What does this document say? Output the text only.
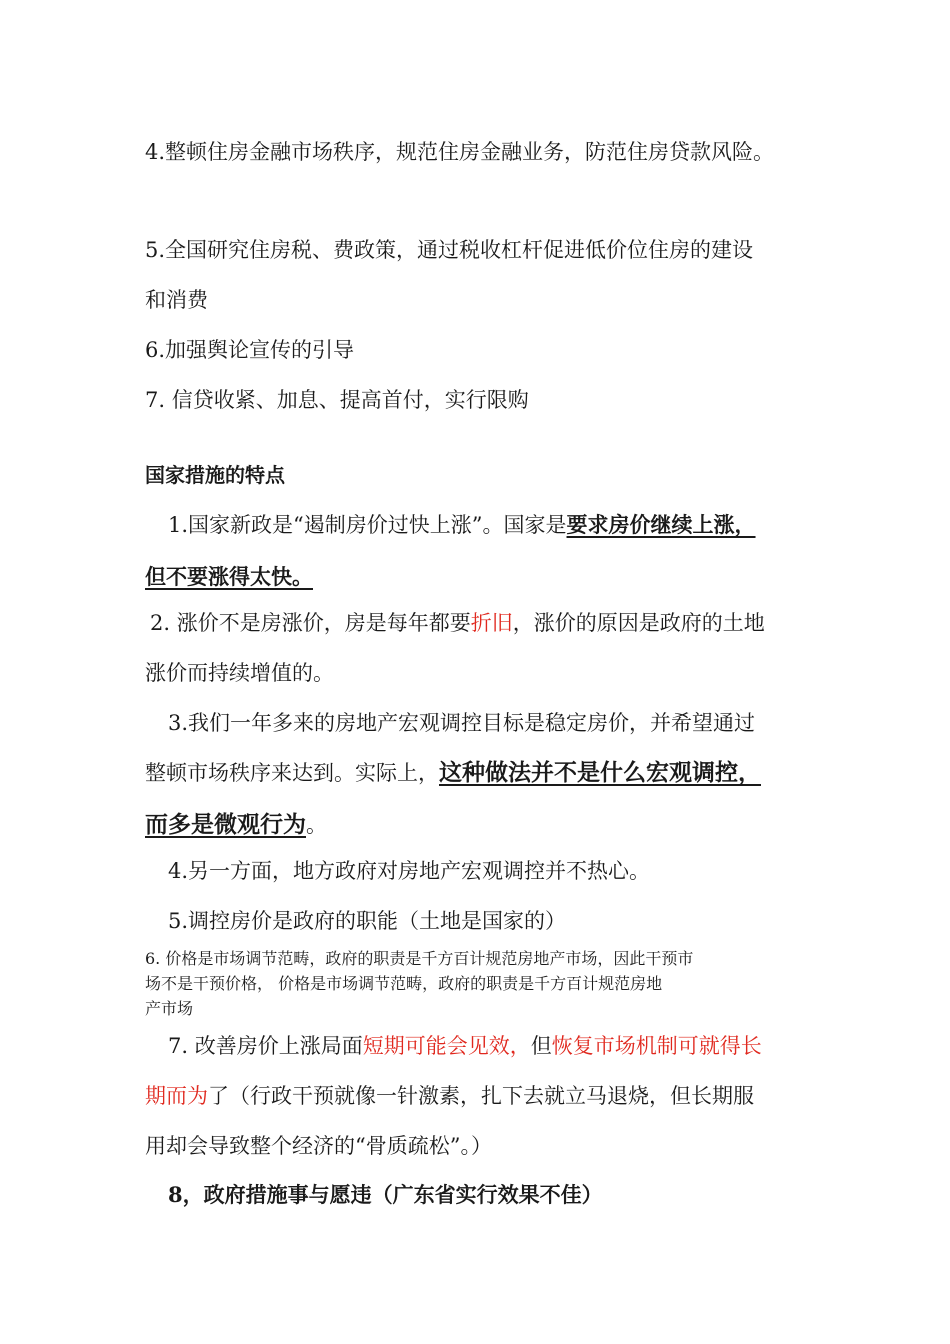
4.整顿住房金融市场秩序，规范住房金融业务，防范住房贷款风险。
5.全国研究住房税、费政策，通过税收杠杆促进低价位住房的建设
和消费
6.加强舆论宣传的引导
7. 信贷收紧、加息、提高首付，实行限购
国家措施的特点
1.国家新政是“遏制房价过快上涨”。国家是要求房价继续上涨，
但不要涨得太快。
2. 涨价不是房涨价，房是每年都要折旧，涨价的原因是政府的土地
涨价而持续增值的。
3.我们一年多来的房地产宏观调控目标是稳定房价，并希望通过
整顿市场秩序来达到。实际上，这种做法并不是什么宏观调控，
而多是微观行为。
4.另一方面，地方政府对房地产宏观调控并不热心。
5.调控房价是政府的职能（土地是国家的）
6. 价格是市场调节范畴，政府的职责是千方百计规范房地产市场，因此干预市
场不是干预价格， 价格是市场调节范畴，政府的职责是千方百计规范房地
产市场
7. 改善房价上涨局面短期可能会见效，但恢复市场机制可就得长
期而为了（行政干预就像一针激素，扎下去就立马退烧，但长期服
用却会导致整个经济的“骨质疏松”。）
8，政府措施事与愿违（广东省实行效果不佳）
